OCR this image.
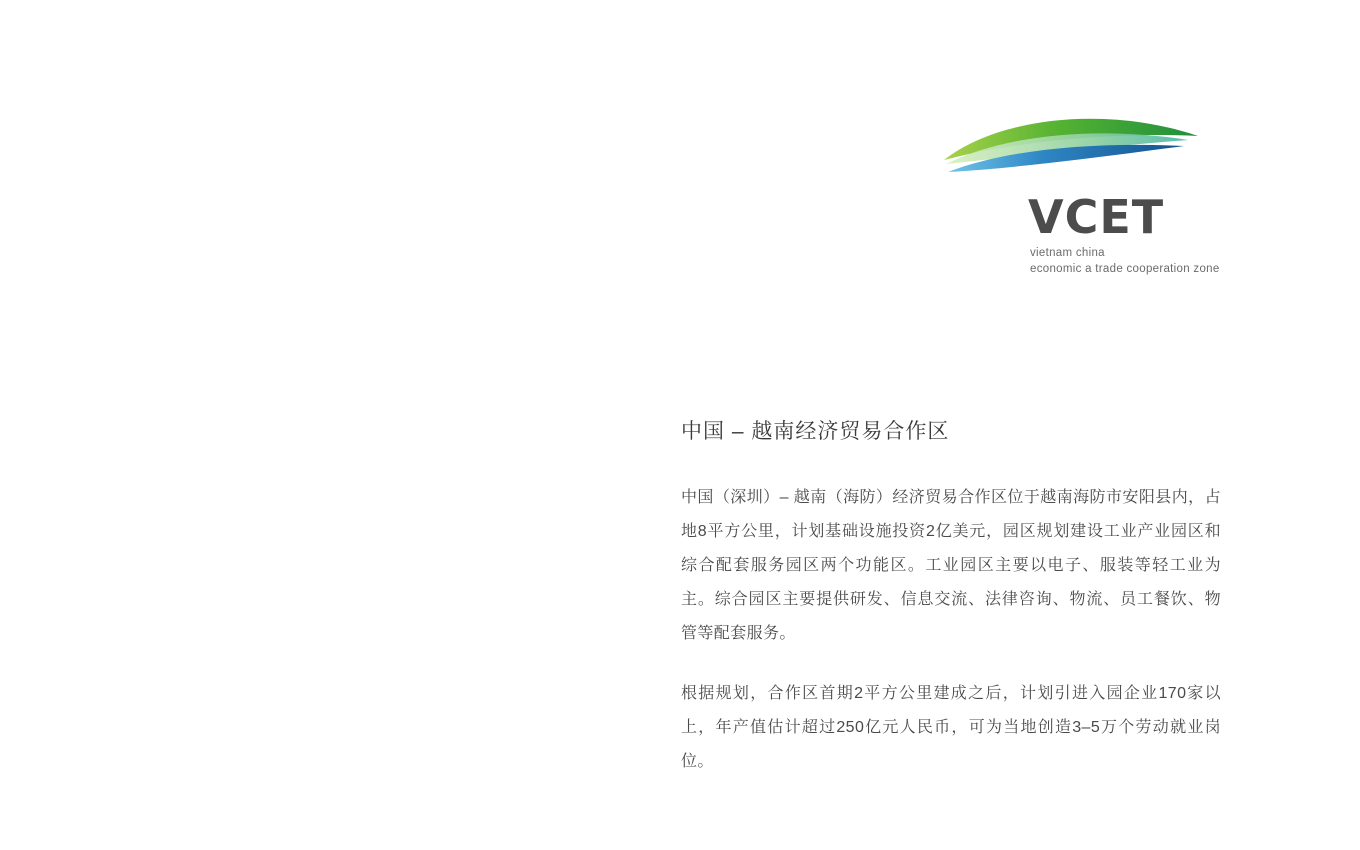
VCET
vietnam china
economic a trade cooperation zone
中国 – 越南经济贸易合作区

中国（深圳）– 越南（海防）经济贸易合作区位于越南海防市安阳县内，占地8平方公里，计划基础设施投资2亿美元，园区规划建设工业产业园区和综合配套服务园区两个功能区。工业园区主要以电子、服装等轻工业为主。综合园区主要提供研发、信息交流、法律咨询、物流、员工餐饮、物管等配套服务。

根据规划，合作区首期2平方公里建成之后，计划引进入园企业170家以上，年产值估计超过250亿元人民币，可为当地创造3–5万个劳动就业岗位。
